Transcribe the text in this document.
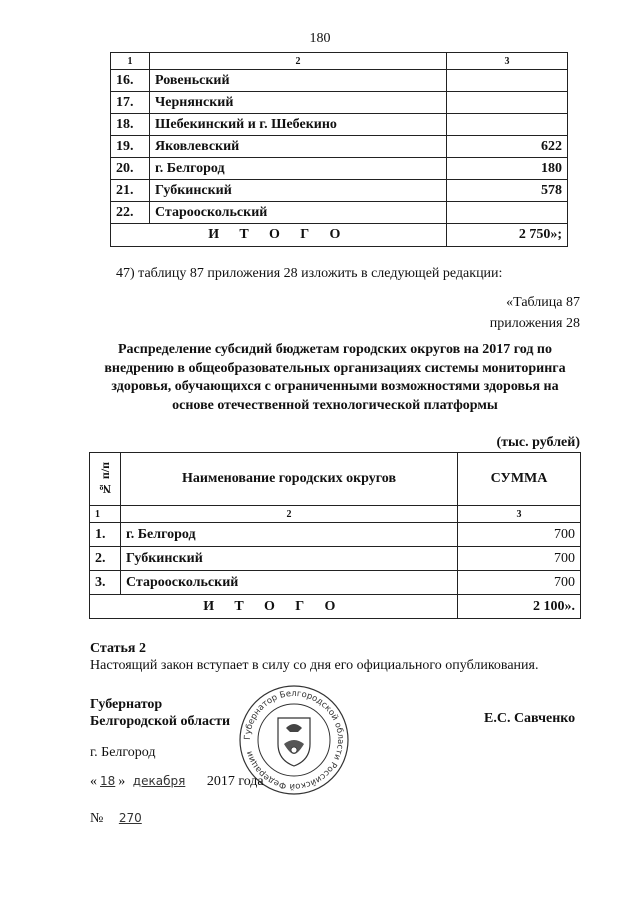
180
1	2	3
16.	Ровеньский	
17.	Чернянский	
18.	Шебекинский и г. Шебекино	
19.	Яковлевский	622
20.	г. Белгород	180
21.	Губкинский	578
22.	Старооскольский	
И Т О Г О		2 750»;
47) таблицу 87 приложения 28 изложить в следующей редакции:
«Таблица 87
приложения 28
Распределение субсидий бюджетам городских округов на 2017 год по внедрению в общеобразовательных организациях системы мониторинга здоровья, обучающихся с ограниченными возможностями здоровья на основе отечественной технологической платформы
(тыс. рублей)
№ п/п	Наименование городских округов	СУММА
1	2	3
1.	г. Белгород	700
2.	Губкинский	700
3.	Старооскольский	700
И Т О Г О		2 100».
Статья 2
Настоящий закон вступает в силу со дня его официального опубликования.
Губернатор
Белгородской области	Е.С. Савченко
Губернатор Белгородской области Российской Федерации
г. Белгород
« 18 » декабря 2017 года
№ 270
